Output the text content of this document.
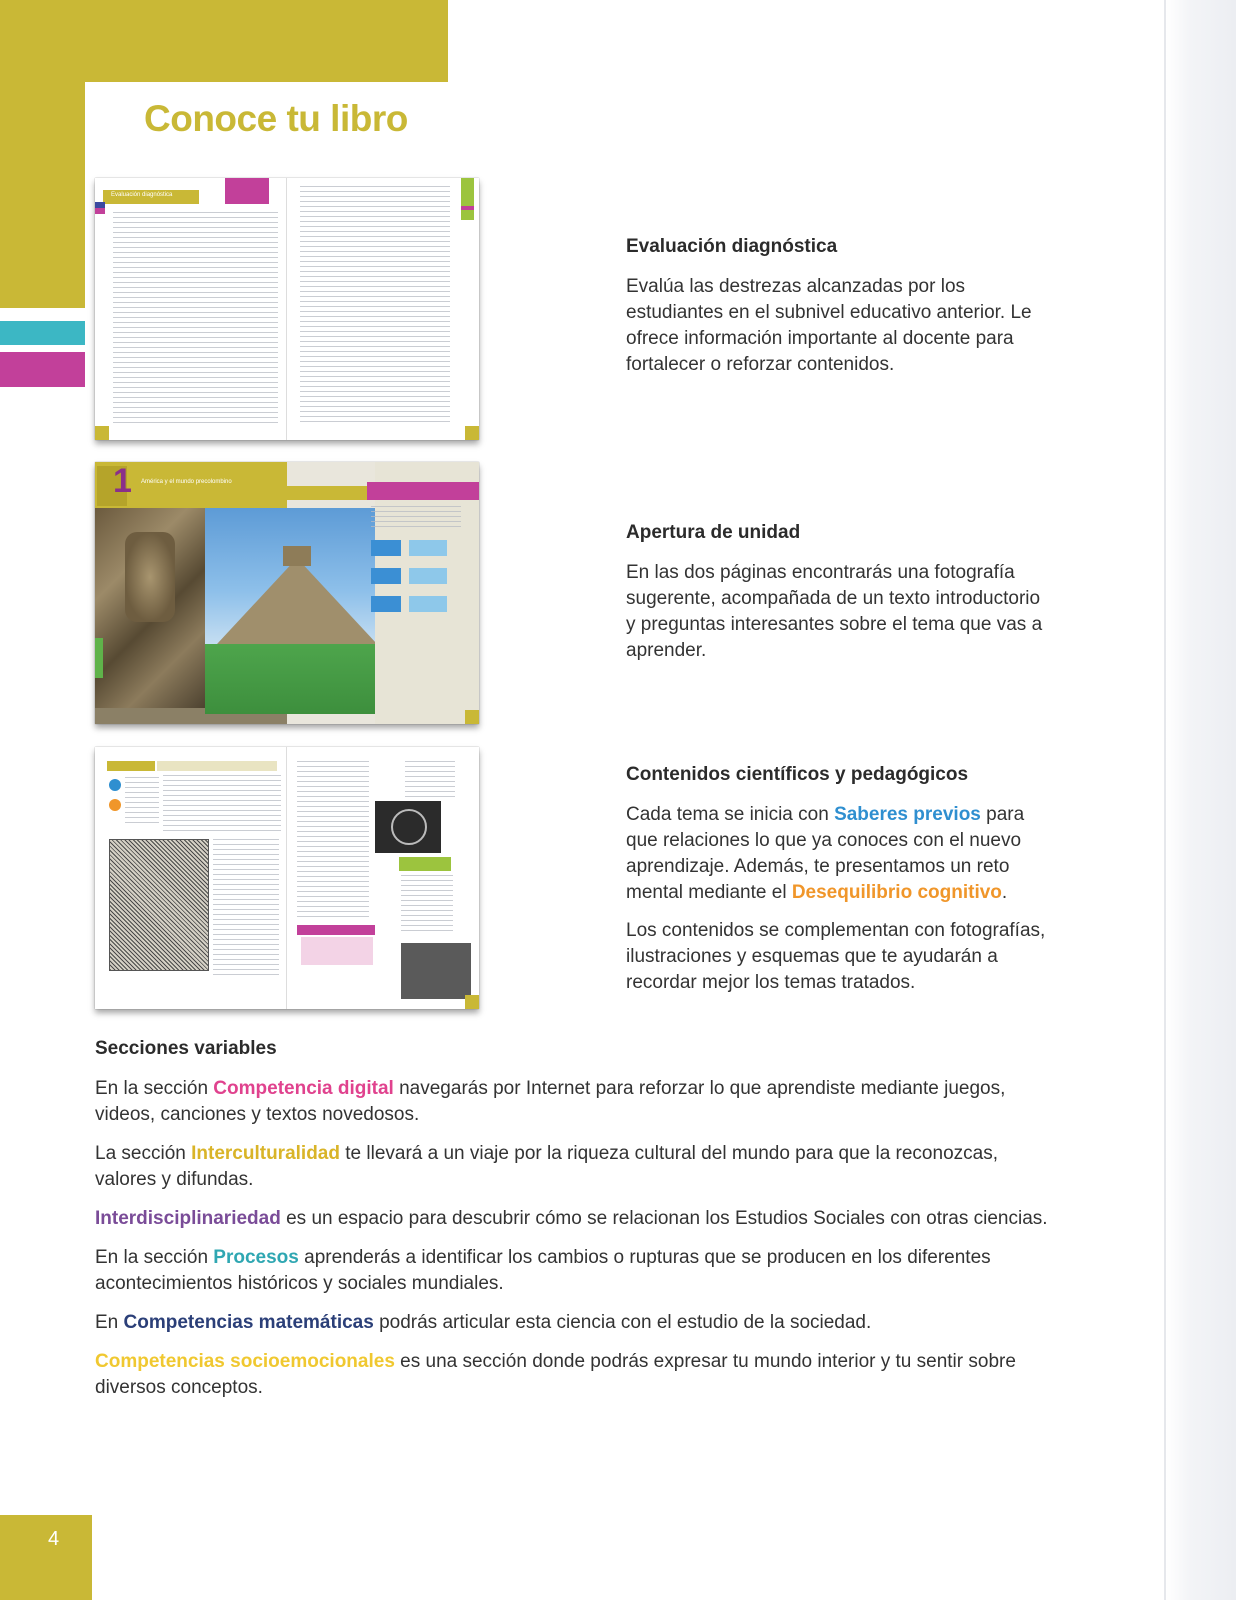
Conoce tu libro
Evaluación diagnóstica
1 América y el mundo precolombino
Evaluación diagnóstica
Evalúa las destrezas alcanzadas por los estudiantes en el subnivel educativo anterior. Le ofrece información importante al docente para fortalecer o reforzar contenidos.
Apertura de unidad
En las dos páginas encontrarás una fotografía sugerente, acompañada de un texto introductorio y preguntas interesantes sobre el tema que vas a aprender.
Contenidos científicos y pedagógicos

Cada tema se inicia con Saberes previos para que relaciones lo que ya conoces con el nuevo aprendizaje. Además, te presentamos un reto mental mediante el Desequilibrio cognitivo.

Los contenidos se complementan con fotografías, ilustraciones y esquemas que te ayudarán a recordar mejor los temas tratados.

Secciones variables

En la sección Competencia digital navegarás por Internet para reforzar lo que aprendiste mediante juegos, videos, canciones y textos novedosos.

La sección Interculturalidad te llevará a un viaje por la riqueza cultural del mundo para que la reconozcas, valores y difundas.

Interdisciplinariedad es un espacio para descubrir cómo se relacionan los Estudios Sociales con otras ciencias.

En la sección Procesos aprenderás a identificar los cambios o rupturas que se producen en los diferentes acontecimientos históricos y sociales mundiales.

En Competencias matemáticas podrás articular esta ciencia con el estudio de la sociedad.

Competencias socioemocionales es una sección donde podrás expresar tu mundo interior y tu sentir sobre diversos conceptos.

4
